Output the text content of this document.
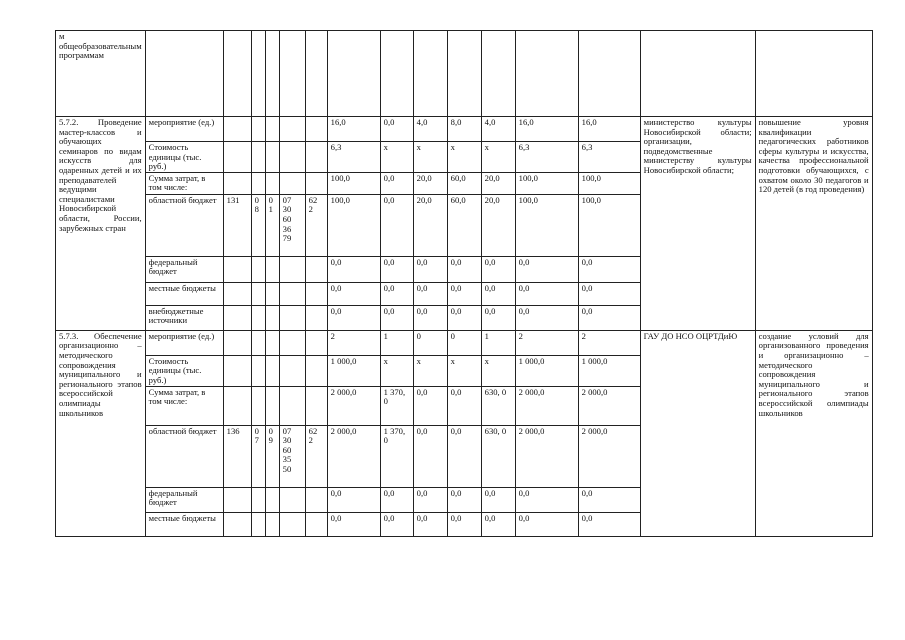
м общеобразовательным программам															
5.7.2. Проведение мастер-классов и обучающих семинаров по видам искусств для одаренных детей и их преподавателей ведущими специалистами Новосибирской области, России, зарубежных стран	мероприятие (ед.)						16,0	0,0	4,0	8,0	4,0	16,0	16,0	министерство культуры Новосибирской области; организации, подведомственные министерству культуры Новосибирской области;	повышение уровня квалификации педагогических работников сферы культуры и искусства, качества профессиональной подготовки обучающихся, с охватом около 30 педагогов и 120 детей (в год проведения)
	Стоимость единицы (тыс. руб.)						6,3	х	х	х	х	6,3	6,3		
	Сумма затрат, в том числе:						100,0	0,0	20,0	60,0	20,0	100,0	100,0		
	областной бюджет	131	0 8	0 1	07 30 60 36 79	62 2	100,0	0,0	20,0	60,0	20,0	100,0	100,0		
	федеральный бюджет						0,0	0,0	0,0	0,0	0,0	0,0	0,0		
	местные бюджеты						0,0	0,0	0,0	0,0	0,0	0,0	0,0		
	внебюджетные источники						0,0	0,0	0,0	0,0	0,0	0,0	0,0		
5.7.3. Обеспечение организационно – методического сопровождения муниципального и регионального этапов всероссийской олимпиады школьников	мероприятие (ед.)						2	1	0	0	1	2	2	ГАУ ДО НСО ОЦРТДиЮ	создание условий для организованного проведения и организационно – методического сопровождения муниципального и регионального этапов всероссийской олимпиады школьников
	Стоимость единицы (тыс. руб.)						1 000,0	х	х	х	х	1 000,0	1 000,0		
	Сумма затрат, в том числе:						2 000,0	1 370, 0	0,0	0,0	630, 0	2 000,0	2 000,0		
	областной бюджет	136	0 7	0 9	07 30 60 35 50	62 2	2 000,0	1 370, 0	0,0	0,0	630, 0	2 000,0	2 000,0		
	федеральный бюджет						0,0	0,0	0,0	0,0	0,0	0,0	0,0		
	местные бюджеты						0,0	0,0	0,0	0,0	0,0	0,0	0,0		
